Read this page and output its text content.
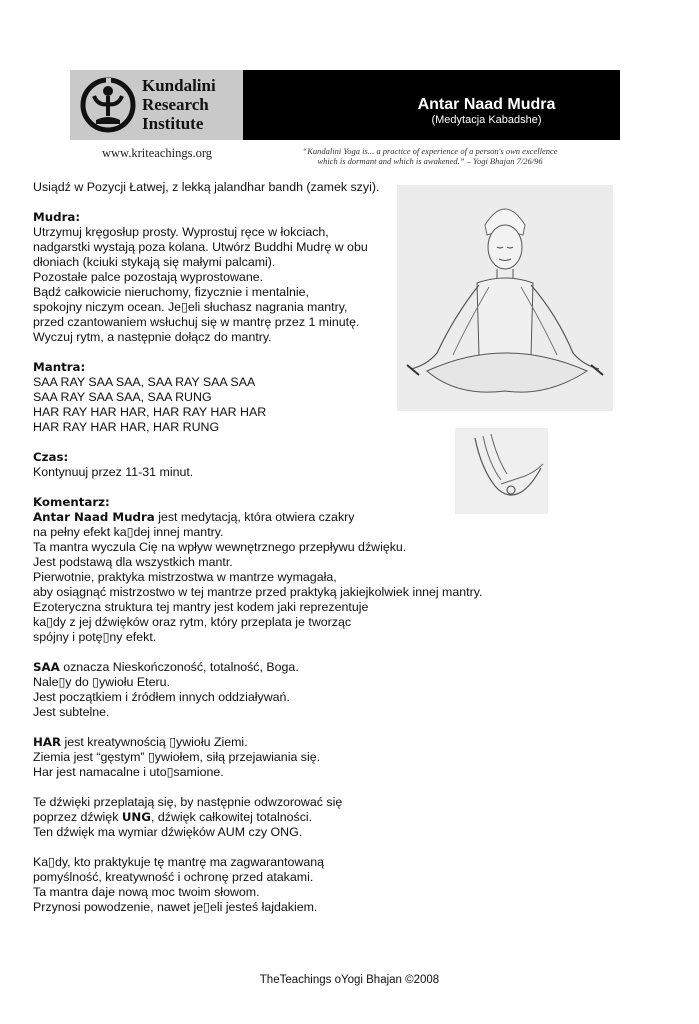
Kundalini
Research
Institute
Antar Naad Mudra
(Medytacja Kabadshe)
www.kriteachings.org	“Kundalini Yoga is... a practice of experience of a person's own excellence
which is dormant and which is awakened.” – Yogi Bhajan 7/26/96
Usiądź w Pozycji Łatwej, z lekką jalandhar bandh (zamek szyi).
Mudra:
Utrzymuj kręgosłup prosty. Wyprostuj ręce w łokciach,
nadgarstki wystają poza kolana. Utwórz Buddhi Mudrę w obu
dłoniach (kciuki stykają się małymi palcami).
Pozostałe palce pozostają wyprostowane.
Bądź całkowicie nieruchomy, fizycznie i mentalnie,
spokojny niczym ocean. Je▯eli słuchasz nagrania mantry,
przed czantowaniem wsłuchuj się w mantrę przez 1 minutę.
Wyczuj rytm, a następnie dołącz do mantry.
Mantra:
SAA RAY SAA SAA, SAA RAY SAA SAA
SAA RAY SAA SAA, SAA RUNG
HAR RAY HAR HAR, HAR RAY HAR HAR
HAR RAY HAR HAR, HAR RUNG
Czas:
Kontynuuj przez 11-31 minut.
Komentarz:
Antar Naad Mudra jest medytacją, która otwiera czakry
na pełny efekt ka▯dej innej mantry.
Ta mantra wyczula Cię na wpływ wewnętrznego przepływu dźwięku.
Jest podstawą dla wszystkich mantr.
Pierwotnie, praktyka mistrzostwa w mantrze wymagała,
aby osiągnąć mistrzostwo w tej mantrze przed praktyką jakiejkolwiek innej mantry.
Ezoteryczna struktura tej mantry jest kodem jaki reprezentuje
ka▯dy z jej dźwięków oraz rytm, który przeplata je tworząc
spójny i potę▯ny efekt.
SAA oznacza Nieskończoność, totalność, Boga.
Nale▯y do ▯ywiołu Eteru.
Jest początkiem i źródłem innych oddziaływań.
Jest subtelne.
HAR jest kreatywnością ▯ywiołu Ziemi.
Ziemia jest “gęstym” ▯ywiołem, siłą przejawiania się.
Har jest namacalne i uto▯samione.
Te dźwięki przeplatają się, by następnie odwzorować się
poprzez dźwięk UNG, dźwięk całkowitej totalności.
Ten dźwięk ma wymiar dźwięków AUM czy ONG.
Ka▯dy, kto praktykuje tę mantrę ma zagwarantowaną
pomyślność, kreatywność i ochronę przed atakami.
Ta mantra daje nową moc twoim słowom.
Przynosi powodzenie, nawet je▯eli jesteś łajdakiem.
TheTeachings oYogi Bhajan ©2008
